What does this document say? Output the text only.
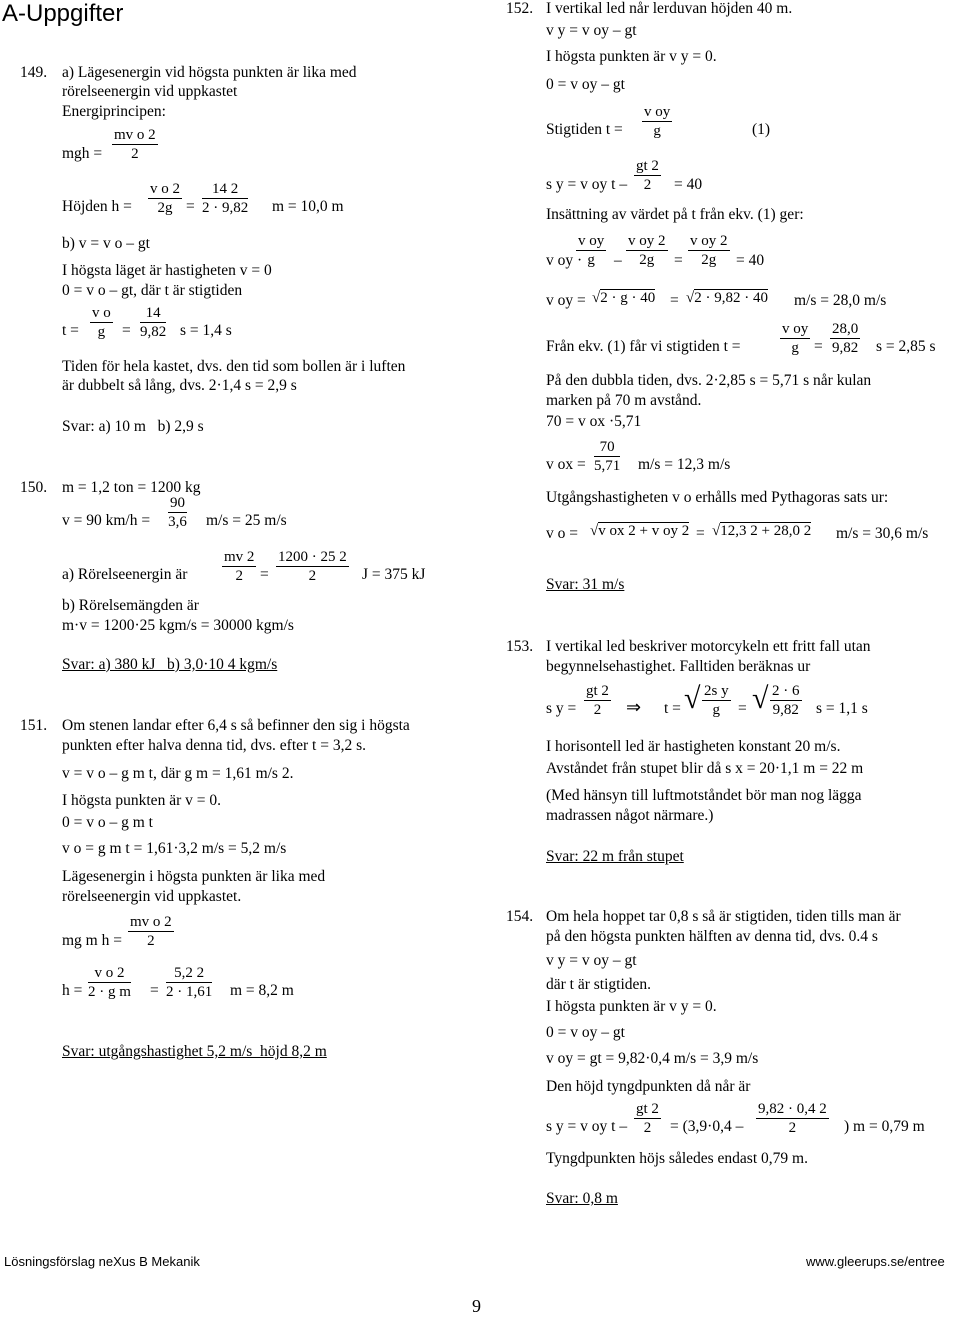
A-Uppgifter
149. a) Lägesenergin vid högsta punkten är lika med
rörelseenergin vid uppkastet
Energiprincipen:
mgh = $\frac{\text{mv o 2}}{2}$
Höjden $h = \frac{\text{v o 2}}{2g} = \frac{14 2}{2 \cdot 9,82}$ m = 10,0 m
b) v = v o – gt
I högsta läget är hastigheten v = 0
0 = v o – gt, där t är stigtiden
$t = \frac{\text{v o}}{g} = \frac{14}{9,82}$ s = 1,4 s
Tiden för hela kastet, dvs. den tid som bollen är i luften
är dubbelt så lång, dvs. 2·1,4 s = 2,9 s
Svar: a) 10 m   b) 2,9 s
150. m = 1,2 ton = 1200 kg
v = 90 $km/h = \frac{90}{3,6} m/s = 25$ m/s
a) Rörelseenergin är $\frac{mv 2}{2} = \frac{1200 \cdot 25 2}{2}$ J = 375 kJ
b) Rörelsemängden är
m·v = 1200·25 kgm/s = 30000 kgm/s
Svar: a) 380 kJ   b) 3,0·10 4 kgm/s
151. Om stenen landar efter 6,4 s så befinner den sig i högsta
punkten efter halva denna tid, dvs. efter t = 3,2 s.
v = v o – g m t, där g m = 1,61 m/s 2.
I högsta punkten är v = 0.
0 = v o – g m t
v o = g m t = 1,61·3,2 m/s = 5,2 m/s
Lägesenergin i högsta punkten är lika med
rörelseenergin vid uppkastet.
mg m $h = \frac{\text{mv o 2}}{2}$
$h = \frac{\text{v o 2}}{\text{2 · g m}} = \frac{5,2 2}{2 \cdot 1,61}$ m = 8,2 m
Svar: utgångshastighet 5,2 m/s  höjd 8,2 m
152. I vertikal led når lerduvan höjden 40 m.
v y = v oy – gt
I högsta punkten är v y = 0.
0 = v oy – gt
Stigtiden $t = \frac{\text{v oy}}{g}$	(1)
s y = v oy $t - \frac{gt 2}{2} = 40$
Insättning av värdet på t från ekv. (1) ger:
v oy ·
$\frac{\text{v oy}}{g} - \frac{\text{v oy 2}}{2g} = \frac{\text{v oy 2}}{2g} = 40$
v oy = √2 · g · 40 = √2 · 9,82 · 40 m/s = 28,0 m/s
Från ekv. (1) får vi stigtiden t =	$\frac{\text{v oy}}{g} = \frac{28,0}{9,82}$ s = 2,85 s
På den dubbla tiden, dvs. 2·2,85 s = 5,71 s når kulan
marken på 70 m avstånd.
70 = v ox ·5,71
v ox = $\frac{70}{5,71} m/s = 12,3$ m/s
Utgångshastigheten v o erhålls med Pythagoras sats ur:
v o = √v ox 2 + v oy 2 = √12,3 2 + 28,0 2 m/s = 30,6 m/s
Svar: 31 m/s
153. I vertikal led beskriver motorcykeln ett fritt fall utan
begynnelsehastighet. Falltiden beräknas ur
s $y = \frac{gt 2}{2}$ ⇒ t = √ $\frac{\text{2s y}}{g}$ = √ $\frac{2 \cdot 6}{9,82}$ s = 1,1 s
I horisontell led är hastigheten konstant 20 m/s.
Avståndet från stupet blir då s x = 20·1,1 m = 22 m
(Med hänsyn till luftmotståndet bör man nog lägga
madrassen något närmare.)
Svar: 22 m från stupet
154. Om hela hoppet tar 0,8 s så är stigtiden, tiden tills man är
på den högsta punkten hälften av denna tid, dvs. 0.4 s
v y = v oy – gt
där t är stigtiden.
I högsta punkten är v y = 0.
0 = v oy – gt
v oy = gt = 9,82·0,4 m/s = 3,9 m/s
Den höjd tyngdpunkten då når är
s y = v oy $t - \frac{gt 2}{2} = (3,9\cdot 0,4 - \frac{9,82 \cdot 0,4 2}{2}$ ) m = 0,79 m
Tyngdpunkten höjs således endast 0,79 m.
Svar: 0,8 m
Lösningsförslag neXus B Mekanik	www.gleerups.se/entree
9
